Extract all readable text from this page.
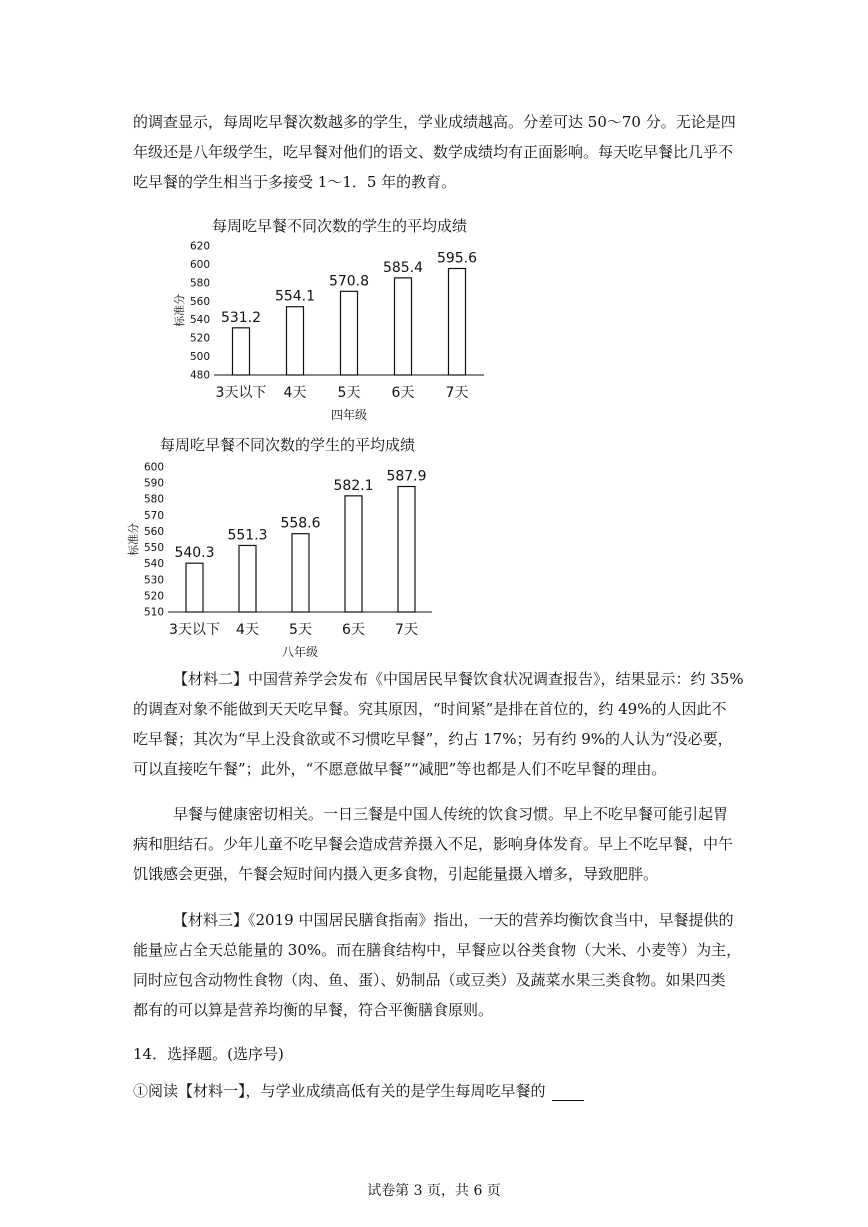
的调查显示，每周吃早餐次数越多的学生，学业成绩越高。分差可达 50～70 分。无论是四
年级还是八年级学生，吃早餐对他们的语文、数学成绩均有正面影响。每天吃早餐比几乎不
吃早餐的学生相当于多接受 1～1．5 年的教育。
每周吃早餐不同次数的学生的平均成绩
480
500
520
540
560
580
600
620
标准分 531.2
3天以下
554.1
4天
570.8
5天
585.4
6天
595.6
7天
四年级
每周吃早餐不同次数的学生的平均成绩
510
520
530
540
550
560
570
580
590
600
标准分 540.3
3天以下
551.3
4天
558.6
5天
582.1
6天
587.9
7天
八年级
【材料二】中国营养学会发布《中国居民早餐饮食状况调查报告》，结果显示：约 35%
的调查对象不能做到天天吃早餐。究其原因，“时间紧”是排在首位的，约 49%的人因此不
吃早餐；其次为“早上没食欲或不习惯吃早餐”，约占 17%；另有约 9%的人认为“没必要，
可以直接吃午餐”；此外，“不愿意做早餐”“减肥”等也都是人们不吃早餐的理由。
早餐与健康密切相关。一日三餐是中国人传统的饮食习惯。早上不吃早餐可能引起胃
病和胆结石。少年儿童不吃早餐会造成营养摄入不足，影响身体发育。早上不吃早餐，中午
饥饿感会更强，午餐会短时间内摄入更多食物，引起能量摄入增多，导致肥胖。
【材料三】《2019 中国居民膳食指南》指出，一天的营养均衡饮食当中，早餐提供的
能量应占全天总能量的 30%。而在膳食结构中，早餐应以谷类食物（大米、小麦等）为主，
同时应包含动物性食物（肉、鱼、蛋）、奶制品（或豆类）及蔬菜水果三类食物。如果四类
都有的可以算是营养均衡的早餐，符合平衡膳食原则。
14．选择题。(选序号)
①阅读【材料一】，与学业成绩高低有关的是学生每周吃早餐的
试卷第 3 页，共 6 页
